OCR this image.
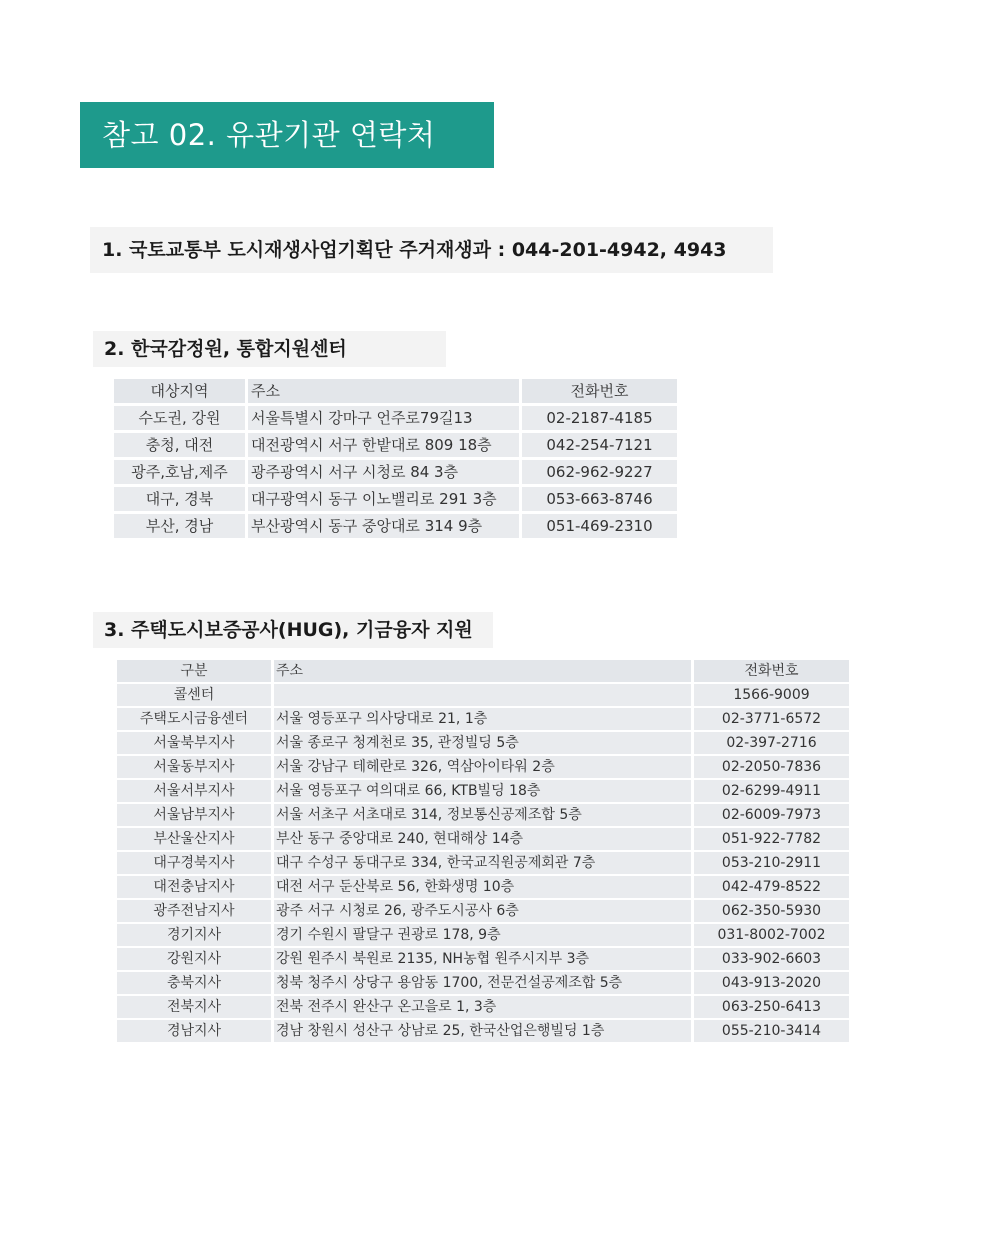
참고 02. 유관기관 연락처
1. 국토교통부 도시재생사업기획단 주거재생과 : 044-201-4942, 4943
2. 한국감정원, 통합지원센터
대상지역	주소	전화번호
수도권, 강원	서울특별시 강마구 언주로79길13	02-2187-4185
충청, 대전	대전광역시 서구 한밭대로 809 18층	042-254-7121
광주,호남,제주	광주광역시 서구 시청로 84 3층	062-962-9227
대구, 경북	대구광역시 동구 이노밸리로 291 3층	053-663-8746
부산, 경남	부산광역시 동구 중앙대로 314 9층	051-469-2310
3. 주택도시보증공사(HUG), 기금융자 지원
구분	주소	전화번호
콜센터		1566-9009
주택도시금융센터	서울 영등포구 의사당대로 21, 1층	02-3771-6572
서울북부지사	서울 종로구 청계천로 35, 관정빌딩 5층	02-397-2716
서울동부지사	서울 강남구 테헤란로 326, 역삼아이타워 2층	02-2050-7836
서울서부지사	서울 영등포구 여의대로 66, KTB빌딩 18층	02-6299-4911
서울남부지사	서울 서초구 서초대로 314, 정보통신공제조합 5층	02-6009-7973
부산울산지사	부산 동구 중앙대로 240, 현대해상 14층	051-922-7782
대구경북지사	대구 수성구 동대구로 334, 한국교직원공제회관 7층	053-210-2911
대전충남지사	대전 서구 둔산북로 56, 한화생명 10층	042-479-8522
광주전남지사	광주 서구 시청로 26, 광주도시공사 6층	062-350-5930
경기지사	경기 수원시 팔달구 권광로 178, 9층	031-8002-7002
강원지사	강원 원주시 북원로 2135, NH농협 원주시지부 3층	033-902-6603
충북지사	청북 청주시 상당구 용암동 1700, 전문건설공제조합 5층	043-913-2020
전북지사	전북 전주시 완산구 온고을로 1, 3층	063-250-6413
경남지사	경남 창원시 성산구 상남로 25, 한국산업은행빌딩 1층	055-210-3414
